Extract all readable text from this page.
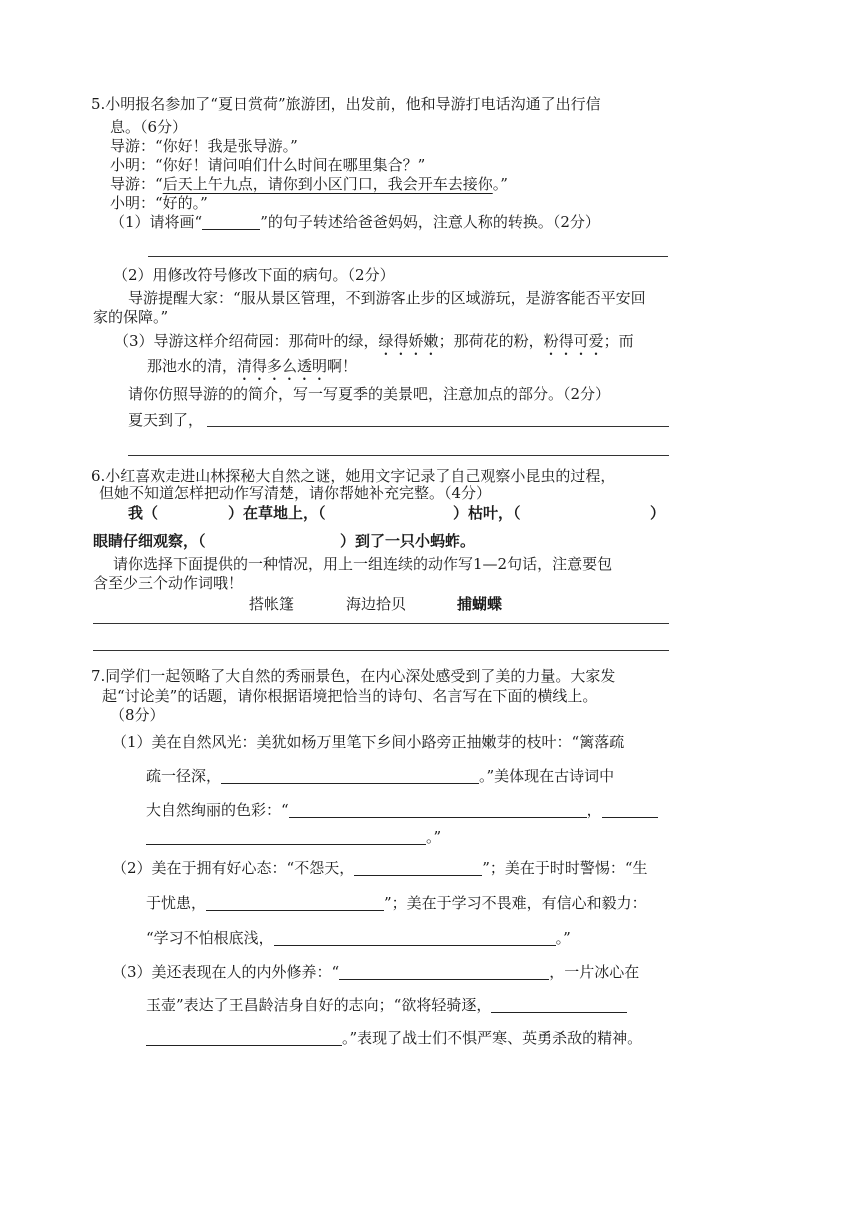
5.小明报名参加了“夏日赏荷”旅游团，出发前，他和导游打电话沟通了出行信
息。（6分）
导游：“你好！我是张导游。”
小明：“你好！请问咱们什么时间在哪里集合？”
导游：“后天上午九点，请你到小区门口，我会开车去接你。”
小明：“好的。”
（1）请将画“	”的句子转述给爸爸妈妈，注意人称的转换。（2分）
（2）用修改符号修改下面的病句。（2分）
导游提醒大家：“服从景区管理，不到游客止步的区域游玩，是游客能否平安回
家的保障。”
（3）导游这样介绍荷园：那荷叶的绿，绿得娇嫩；那荷花的粉，粉得可爱；而
那池水的清，清得多么透明啊！
请你仿照导游的的简介，写一写夏季的美景吧，注意加点的部分。（2分）
夏天到了，
6.小红喜欢走进山林探秘大自然之谜，她用文字记录了自己观察小昆虫的过程，
但她不知道怎样把动作写清楚，请你帮她补充完整。（4分）
我（	）在草地上，（	）枯叶，（	）
眼睛仔细观察，（	）到了一只小蚂蚱。
请你选择下面提供的一种情况，用上一组连续的动作写1—2句话，注意要包
含至少三个动作词哦！
搭帐篷	海边拾贝	捕蝴蝶
7.同学们一起领略了大自然的秀丽景色，在内心深处感受到了美的力量。大家发
起“讨论美”的话题，请你根据语境把恰当的诗句、名言写在下面的横线上。
（8分）
（1）美在自然风光：美犹如杨万里笔下乡间小路旁正抽嫩芽的枝叶：“篱落疏
疏一径深，	。”美体现在古诗词中
大自然绚丽的色彩：“	，
。”
（2）美在于拥有好心态：“不怨天，	”；美在于时时警惕：“生
于忧患，	”；美在于学习不畏难，有信心和毅力：
“学习不怕根底浅，	。”
（3）美还表现在人的内外修养：“	，一片冰心在
玉壶”表达了王昌龄洁身自好的志向；“欲将轻骑逐，
。”表现了战士们不惧严寒、英勇杀敌的精神。
